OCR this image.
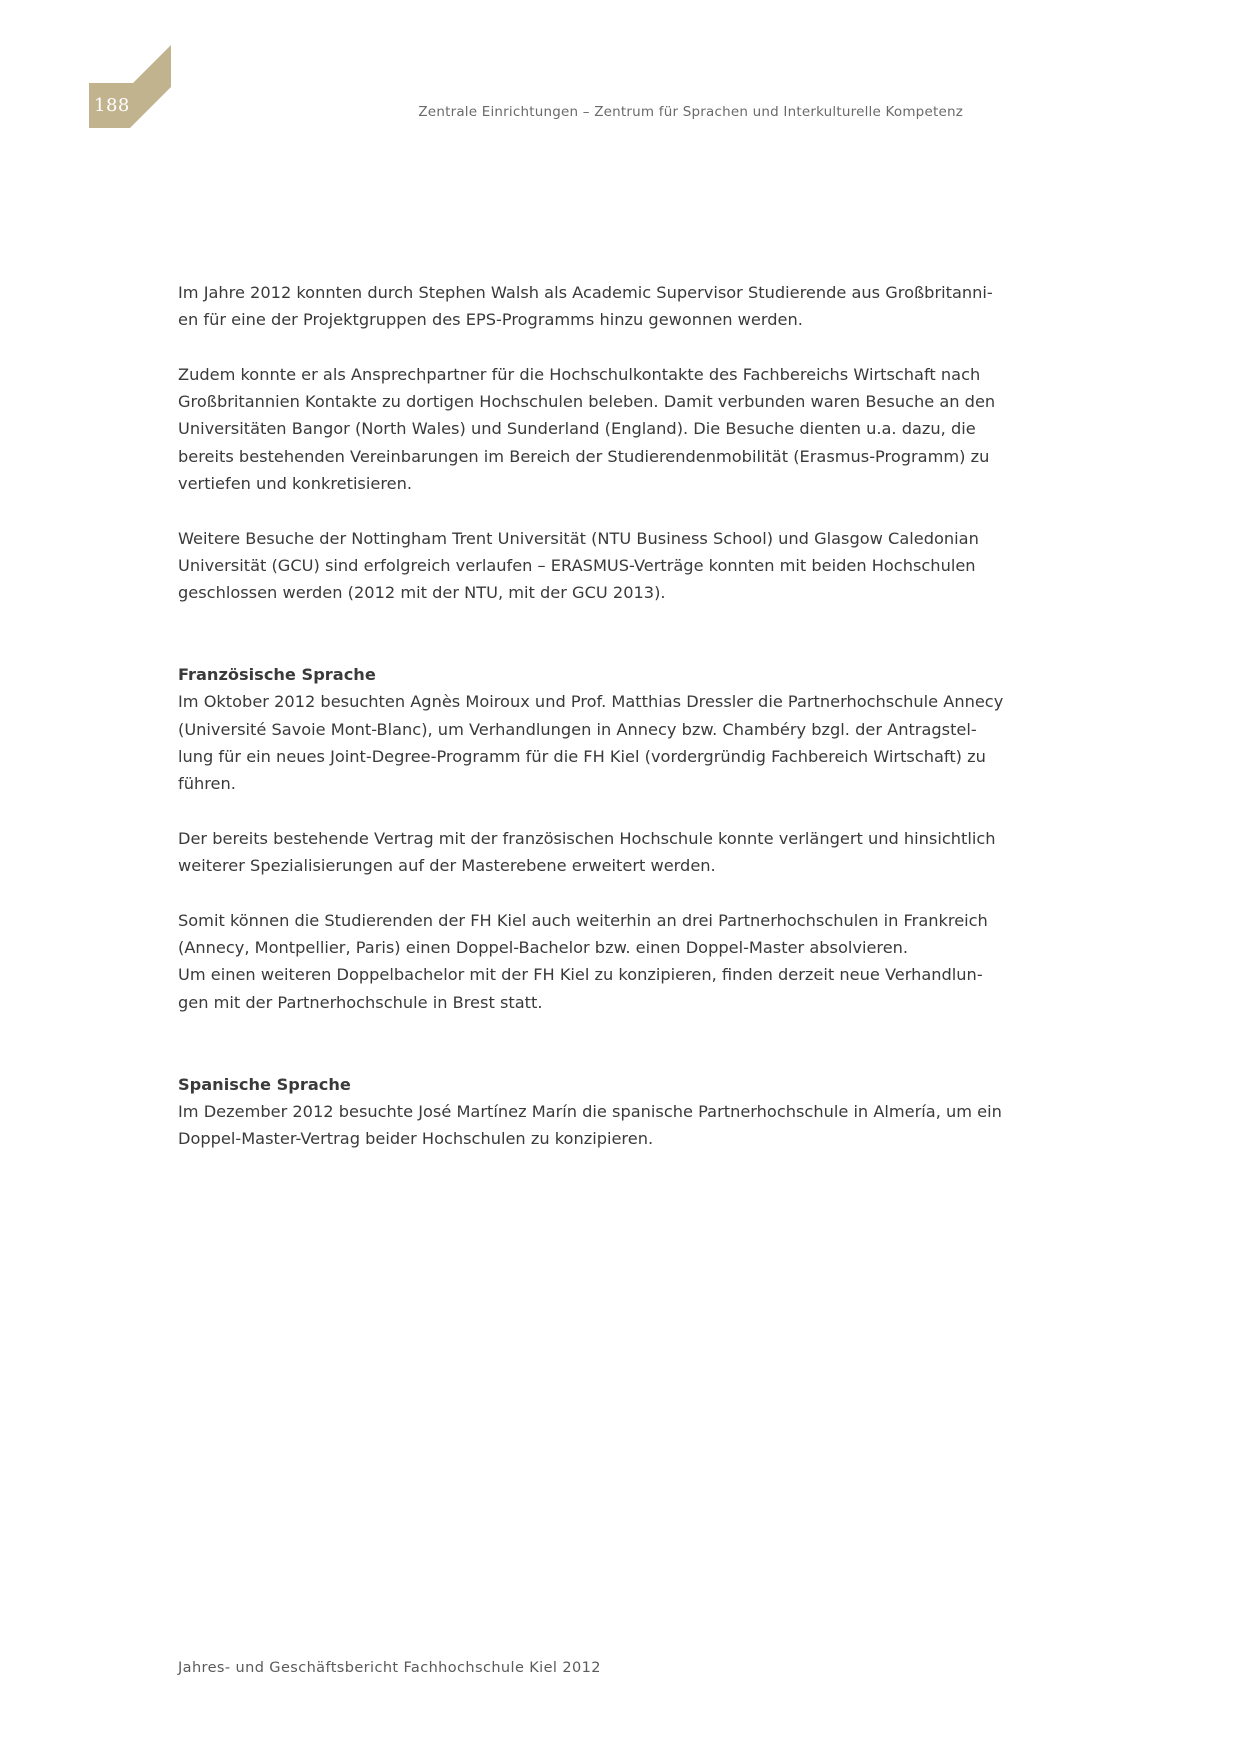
188	Zentrale Einrichtungen – Zentrum für Sprachen und Interkulturelle Kompetenz

Im Jahre 2012 konnten durch Stephen Walsh als Academic Supervisor Studierende aus Großbritanni-
en für eine der Projektgruppen des EPS-Programms hinzu gewonnen werden.

Zudem konnte er als Ansprechpartner für die Hochschulkontakte des Fachbereichs Wirtschaft nach
Großbritannien Kontakte zu dortigen Hochschulen beleben. Damit verbunden waren Besuche an den
Universitäten Bangor (North Wales) und Sunderland (England). Die Besuche dienten u.a. dazu, die
bereits bestehenden Vereinbarungen im Bereich der Studierendenmobilität (Erasmus-Programm) zu
vertiefen und konkretisieren.

Weitere Besuche der Nottingham Trent Universität (NTU Business School) und Glasgow Caledonian
Universität (GCU) sind erfolgreich verlaufen – ERASMUS-Verträge konnten mit beiden Hochschulen
geschlossen werden (2012 mit der NTU, mit der GCU 2013).

Französische Sprache

Im Oktober 2012 besuchten Agnès Moiroux und Prof. Matthias Dressler die Partnerhochschule Annecy
(Université Savoie Mont-Blanc), um Verhandlungen in Annecy bzw. Chambéry bzgl. der Antragstel-
lung für ein neues Joint-Degree-Programm für die FH Kiel (vordergründig Fachbereich Wirtschaft) zu
führen.

Der bereits bestehende Vertrag mit der französischen Hochschule konnte verlängert und hinsichtlich
weiterer Spezialisierungen auf der Masterebene erweitert werden.

Somit können die Studierenden der FH Kiel auch weiterhin an drei Partnerhochschulen in Frankreich
(Annecy, Montpellier, Paris) einen Doppel-Bachelor bzw. einen Doppel-Master absolvieren.
Um einen weiteren Doppelbachelor mit der FH Kiel zu konzipieren, finden derzeit neue Verhandlun-
gen mit der Partnerhochschule in Brest statt.

Spanische Sprache

Im Dezember 2012 besuchte José Martínez Marín die spanische Partnerhochschule in Almería, um ein
Doppel-Master-Vertrag beider Hochschulen zu konzipieren.

Jahres- und Geschäftsbericht Fachhochschule Kiel 2012
